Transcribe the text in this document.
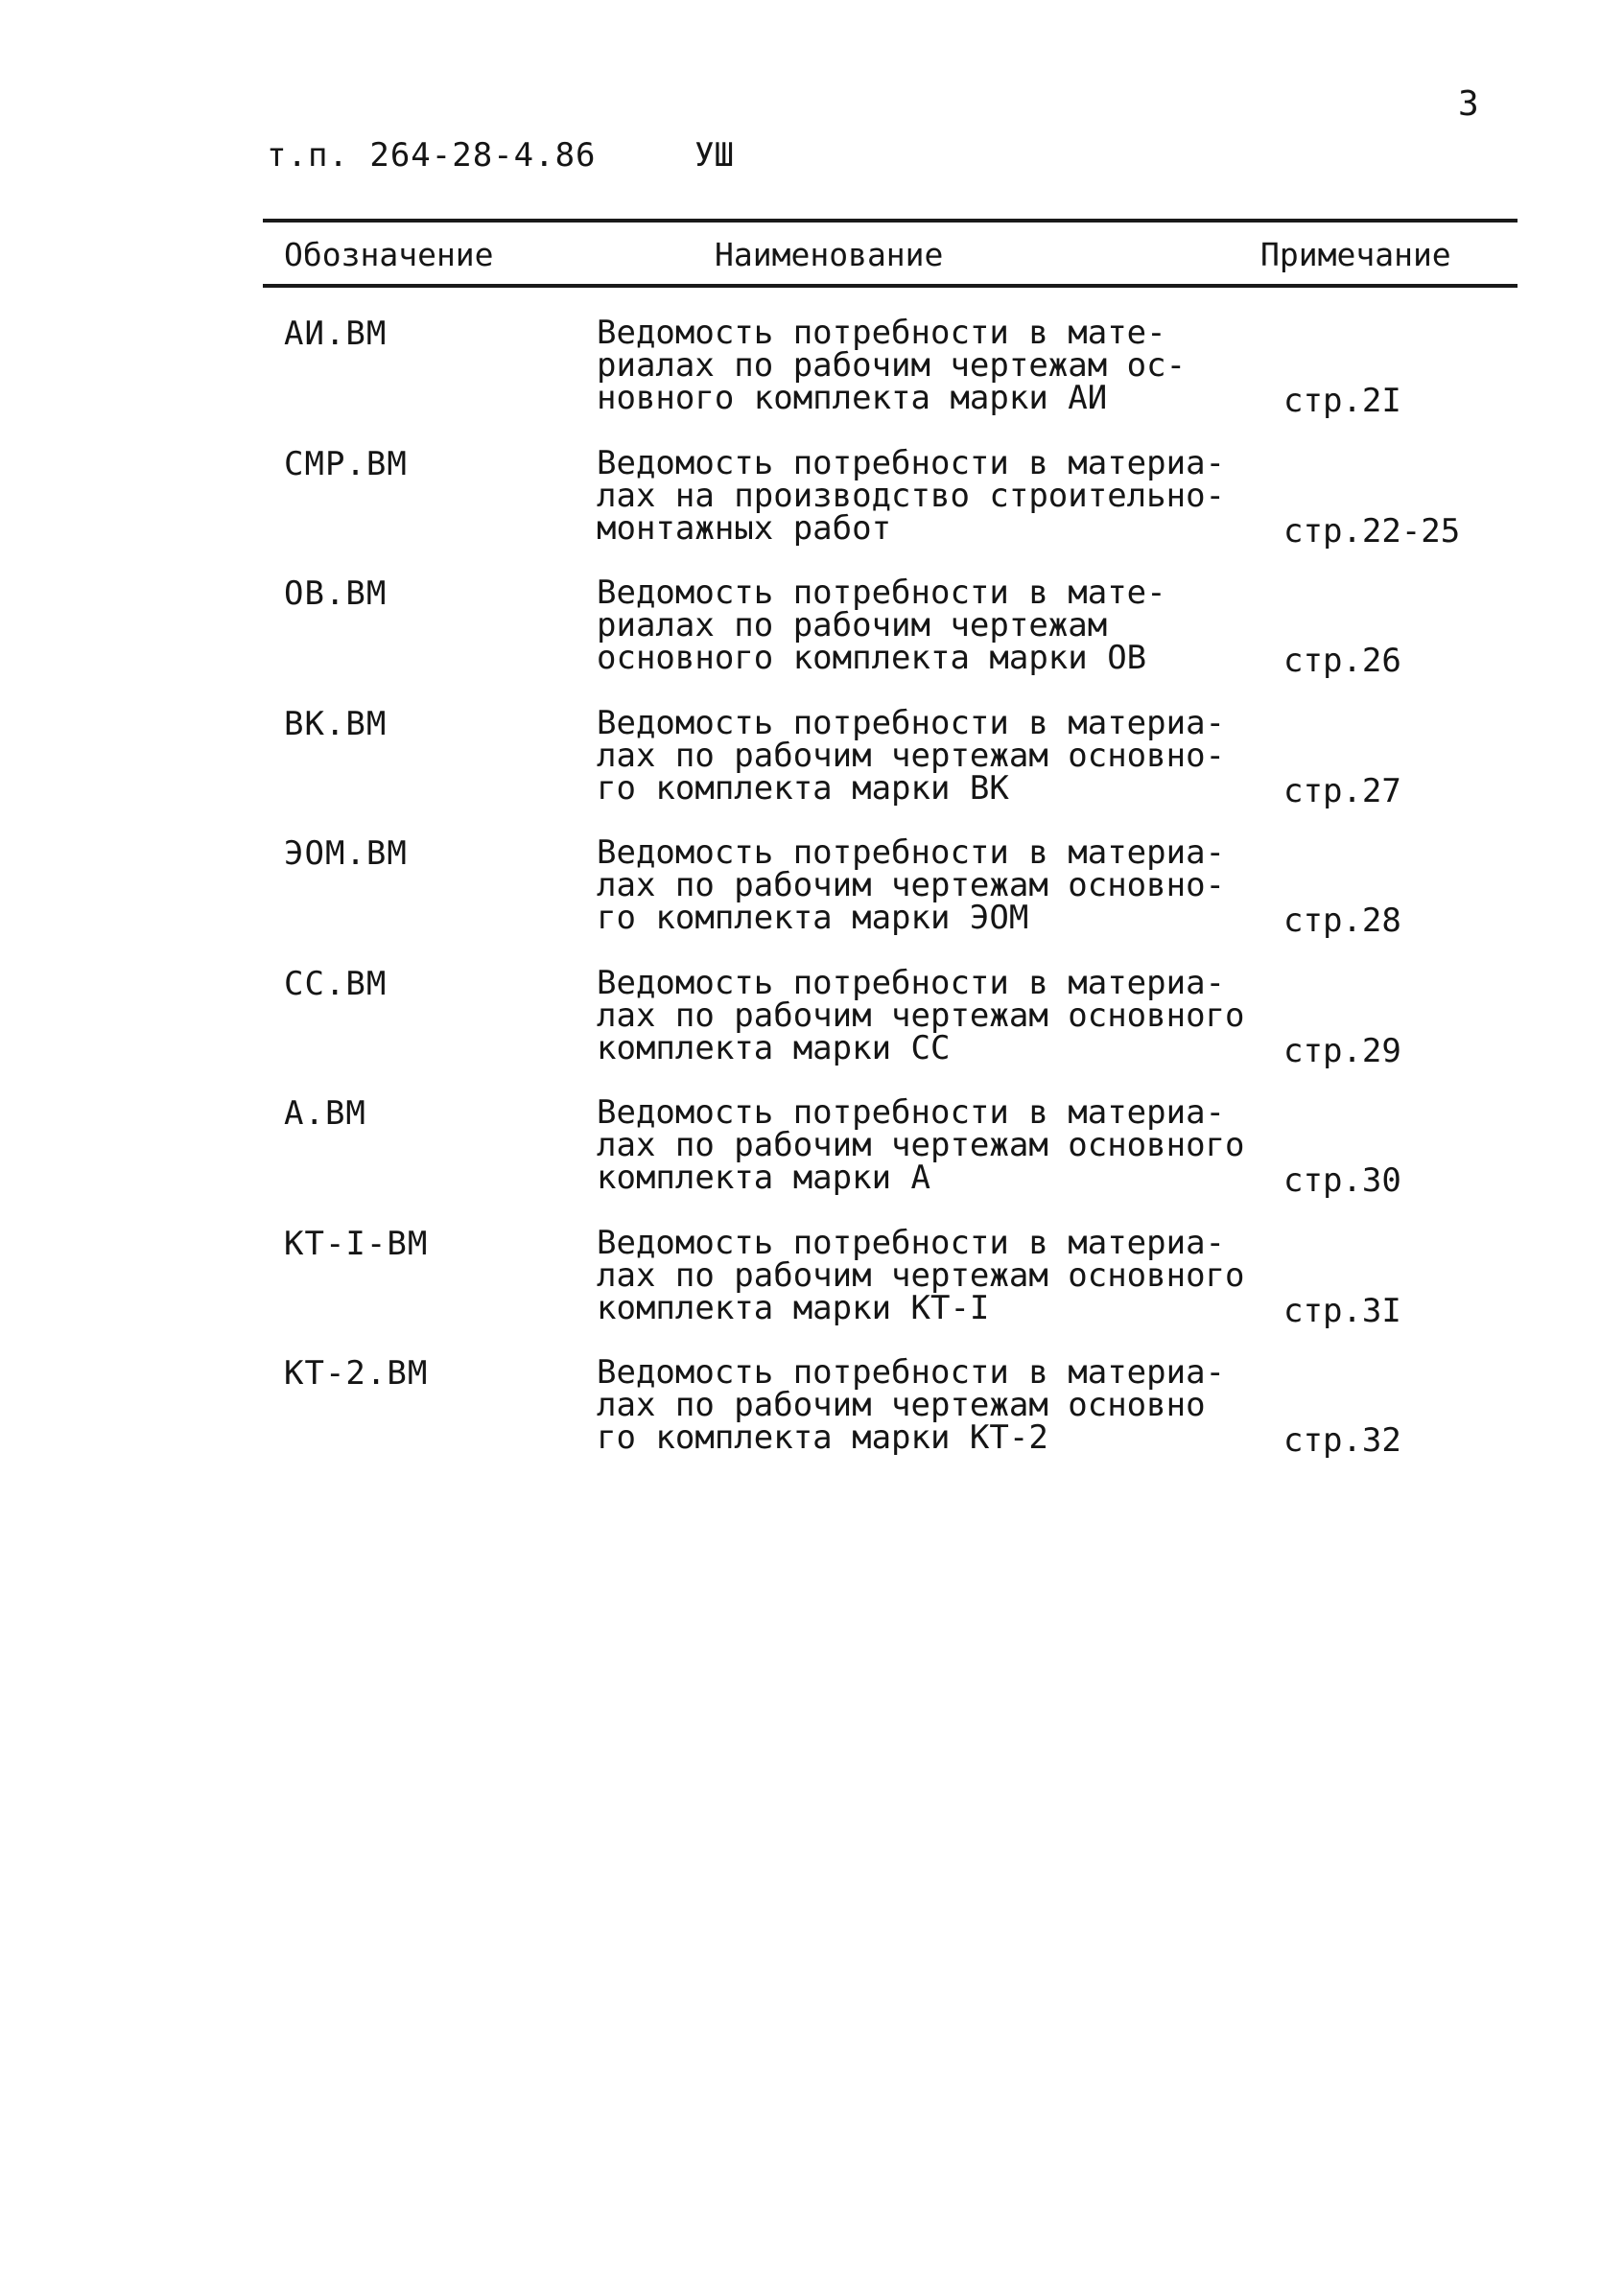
3
т.п. 264-28-4.86	УШ
Обозначение	Наименование	Примечание
АИ.ВМ	Ведомость потребности в мате-
риалах по рабочим чертежам ос-
новного комплекта марки АИ	стр.2I
СМР.ВМ	Ведомость потребности в материа-
лах на производство строительно-
монтажных работ	стр.22-25
ОВ.ВМ	Ведомость потребности в мате-
риалах по рабочим чертежам
основного комплекта марки ОВ	стр.26
ВК.ВМ	Ведомость потребности в материа-
лах по рабочим чертежам основно-
го комплекта марки ВК	стр.27
ЭОМ.ВМ	Ведомость потребности в материа-
лах по рабочим чертежам основно-
го комплекта марки ЭОМ	стр.28
СС.ВМ	Ведомость потребности в материа-
лах по рабочим чертежам основного
комплекта марки СС	стр.29
А.ВМ	Ведомость потребности в материа-
лах по рабочим чертежам основного
комплекта марки А	стр.30
КТ-I-ВМ	Ведомость потребности в материа-
лах по рабочим чертежам основного
комплекта марки КТ-I	стр.3I
КТ-2.ВМ	Ведомость потребности в материа-
лах по рабочим чертежам основно
го комплекта марки КТ-2	стр.32
